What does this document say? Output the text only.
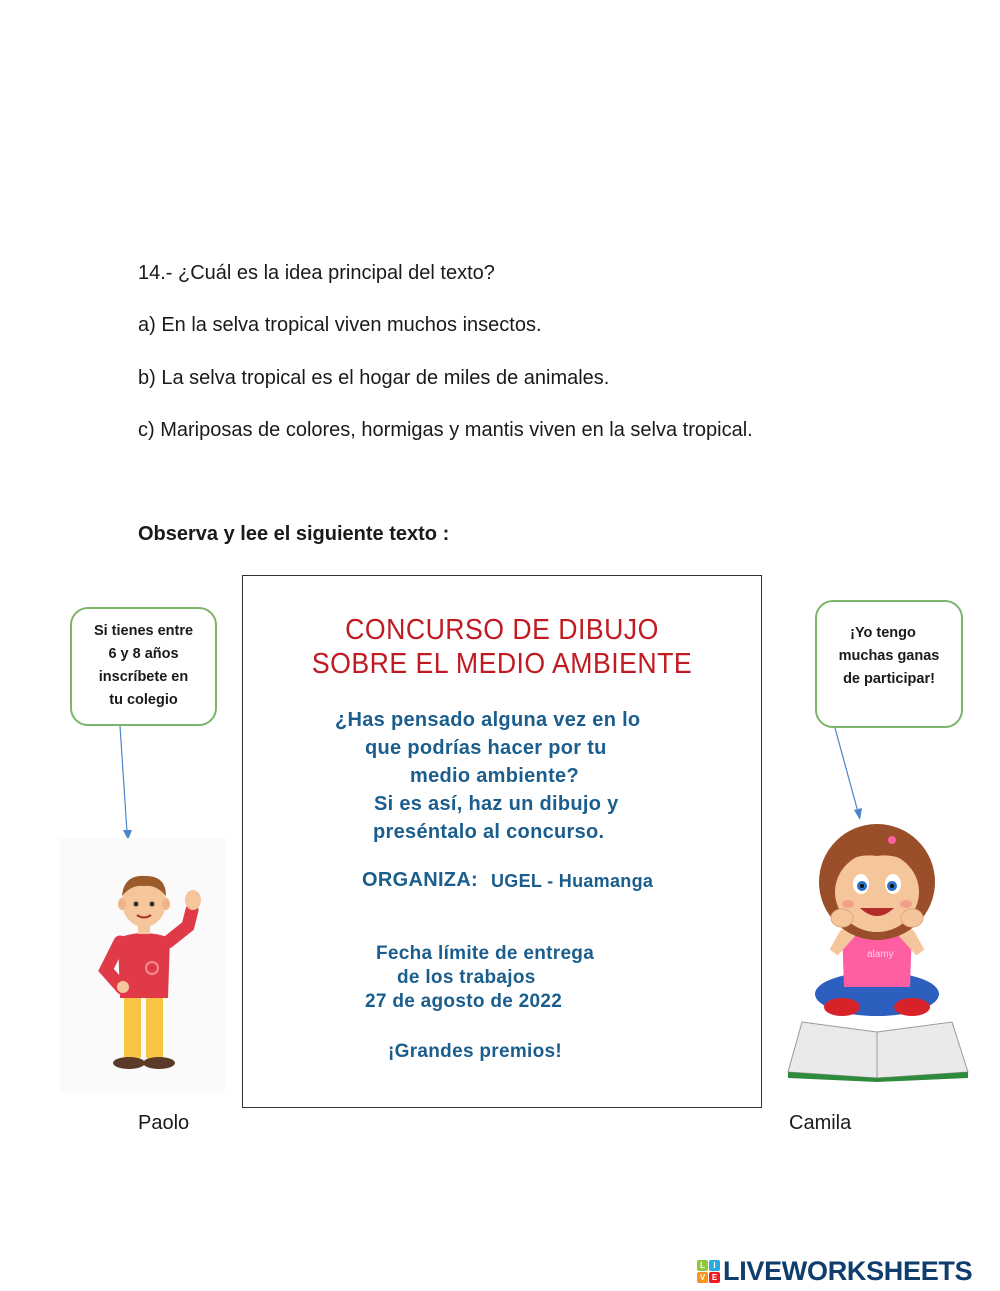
14.- ¿Cuál es la idea principal del texto?
a) En la selva tropical viven muchos insectos.
b) La selva tropical es el hogar de miles de animales.
c) Mariposas de colores, hormigas y mantis viven en la selva tropical.
Observa y lee el siguiente texto :
CONCURSO DE DIBUJO
SOBRE EL MEDIO AMBIENTE
¿Has pensado alguna vez en lo
que podrías hacer por tu
medio ambiente?
Si es así, haz un dibujo y
preséntalo al concurso.
ORGANIZA: UGEL - Huamanga
Fecha límite de entrega
de los trabajos
27 de agosto de 2022
¡Grandes premios!
Si tienes entre
6 y 8 años
inscríbete en
tu colegio
¡Yo tengo
muchas ganas
de participar!
alamy
Paolo	Camila
L	I
V E LIVEWORKSHEETS
